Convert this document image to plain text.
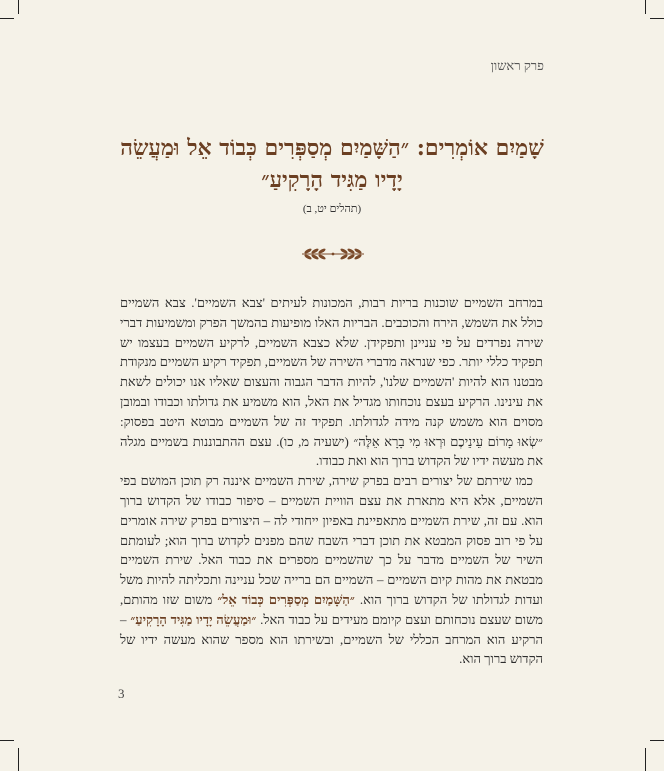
פרק ראשון
שָׁמַיִם אוֹמְרִים: ״הַשָּׁמַיִם מְסַפְּרִים כְּבוֹד אֵל וּמַעֲשֵׂה
יָדָיו מַגִּיד הָרָקִיעַ״
(תהלים יט, ב)

במרחב השמיים שוכנות בריות רבות, המכונות לעיתים 'צבא השמיים'. צבא השמיים כולל את השמש, הירח והכוכבים. הבריות האלו מופיעות בהמשך הפרק ומשמיעות דברי שירה נפרדים על פי עניינן ותפקידן. שלא כצבא השמיים, לרקיע השמיים בעצמו יש תפקיד כללי יותר. כפי שנראה מדברי השירה של השמיים, תפקיד רקיע השמיים מנקודת מבטנו הוא להיות 'השמיים שלנו', להיות הדבר הגבוה והעצום שאליו אנו יכולים לשאת את עינינו. הרקיע בעצם נוכחותו מגדיל את האל, הוא משמיע את גדולתו וכבודו ובמובן מסוים הוא משמש קנה מידה לגדולתו. תפקיד זה של השמיים מבוטא היטב בפסוק: ״שְׂאוּ מָרוֹם עֵינֵיכֶם וּרְאוּ מִי בָרָא אֵלֶּה״ (ישעיה מ, כו). עצם ההתבוננות בשמיים מגלה את מעשה ידיו של הקדוש ברוך הוא ואת כבודו.

כמו שירתם של יצורים רבים בפרק שירה, שירת השמיים איננה רק תוכן המושם בפי השמיים, אלא היא מתארת את עצם הוויית השמיים – סיפור כבודו של הקדוש ברוך הוא. עם זה, שירת השמיים מתאפיינת באפיון ייחודי לה – היצורים בפרק שירה אומרים על פי רוב פסוק המבטא את תוכן דברי השבח שהם מפנים לקדוש ברוך הוא; לעומתם השיר של השמיים מדבר על כך שהשמיים מספרים את כבוד האל. שירת השמיים מבטאת את מהות קיום השמיים – השמיים הם ברייה שכל עניינה ותכליתה להיות משל ועדות לגדולתו של הקדוש ברוך הוא. ״הַשָּׁמַיִם מְסַפְּרִים כְּבוֹד אֵל״ משום שזו מהותם, משום שעצם נוכחותם ועצם קיומם מעידים על כבוד האל. ״וּמַעֲשֵׂה יָדָיו מַגִּיד הָרָקִיעַ״ – הרקיע הוא המרחב הכללי של השמיים, ובשירתו הוא מספר שהוא מעשה ידיו של הקדוש ברוך הוא.

3
